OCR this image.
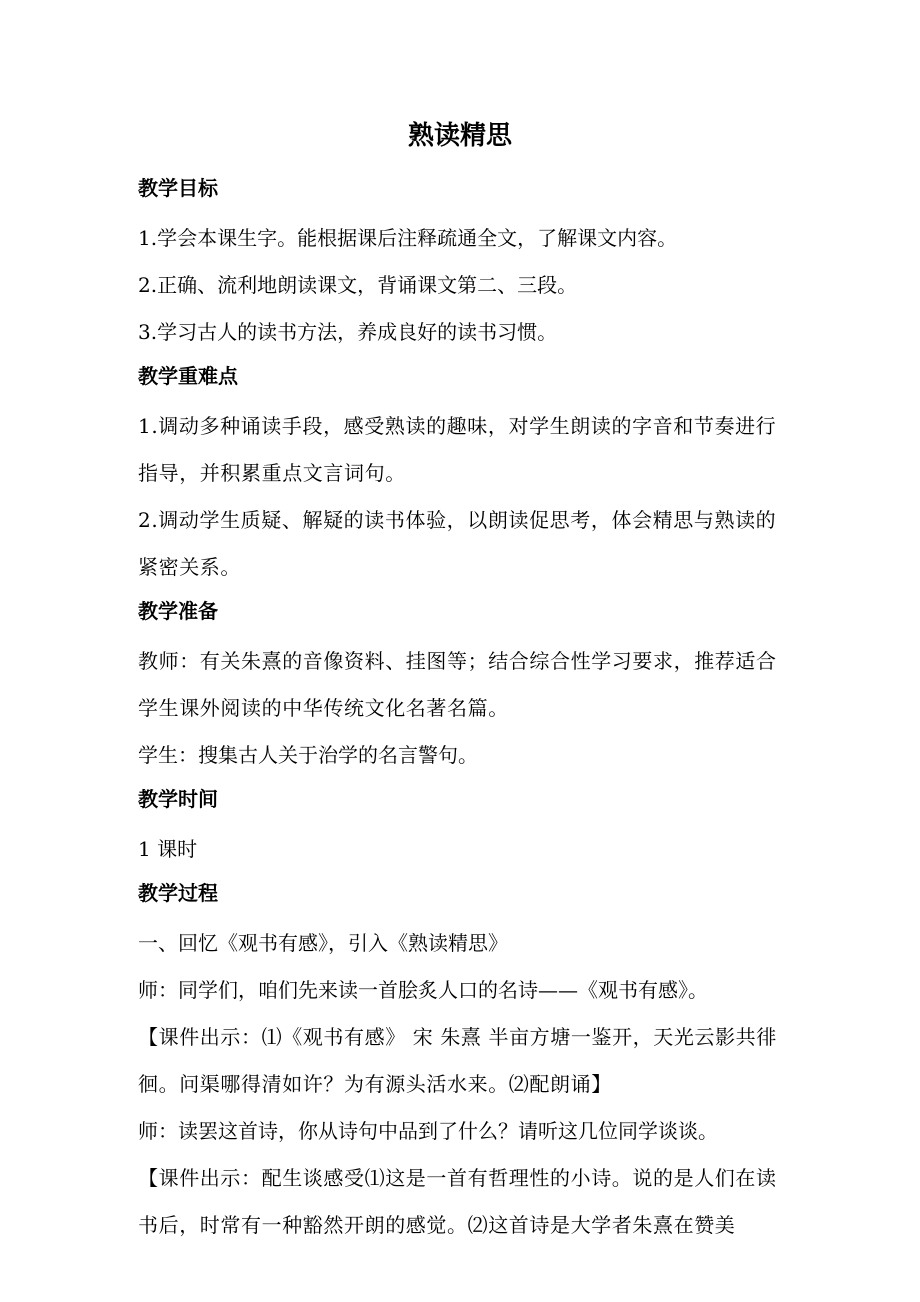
熟读精思
教学目标

1.学会本课生字。能根据课后注释疏通全文，了解课文内容。

2.正确、流利地朗读课文，背诵课文第二、三段。

3.学习古人的读书方法，养成良好的读书习惯。

教学重难点

1.调动多种诵读手段，感受熟读的趣味，对学生朗读的字音和节奏进行指导，并积累重点文言词句。

2.调动学生质疑、解疑的读书体验，以朗读促思考，体会精思与熟读的紧密关系。

教学准备

教师：有关朱熹的音像资料、挂图等；结合综合性学习要求，推荐适合学生课外阅读的中华传统文化名著名篇。

学生：搜集古人关于治学的名言警句。

教学时间

1 课时

教学过程

一、回忆《观书有感》，引入《熟读精思》

师：同学们，咱们先来读一首脍炙人口的名诗——《观书有感》。

【课件出示：⑴《观书有感》 宋 朱熹 半亩方塘一鉴开，天光云影共徘徊。问渠哪得清如许？为有源头活水来。⑵配朗诵】

师：读罢这首诗，你从诗句中品到了什么？请听这几位同学谈谈。

【课件出示：配生谈感受⑴这是一首有哲理性的小诗。说的是人们在读书后，时常有一种豁然开朗的感觉。⑵这首诗是大学者朱熹在赞美
